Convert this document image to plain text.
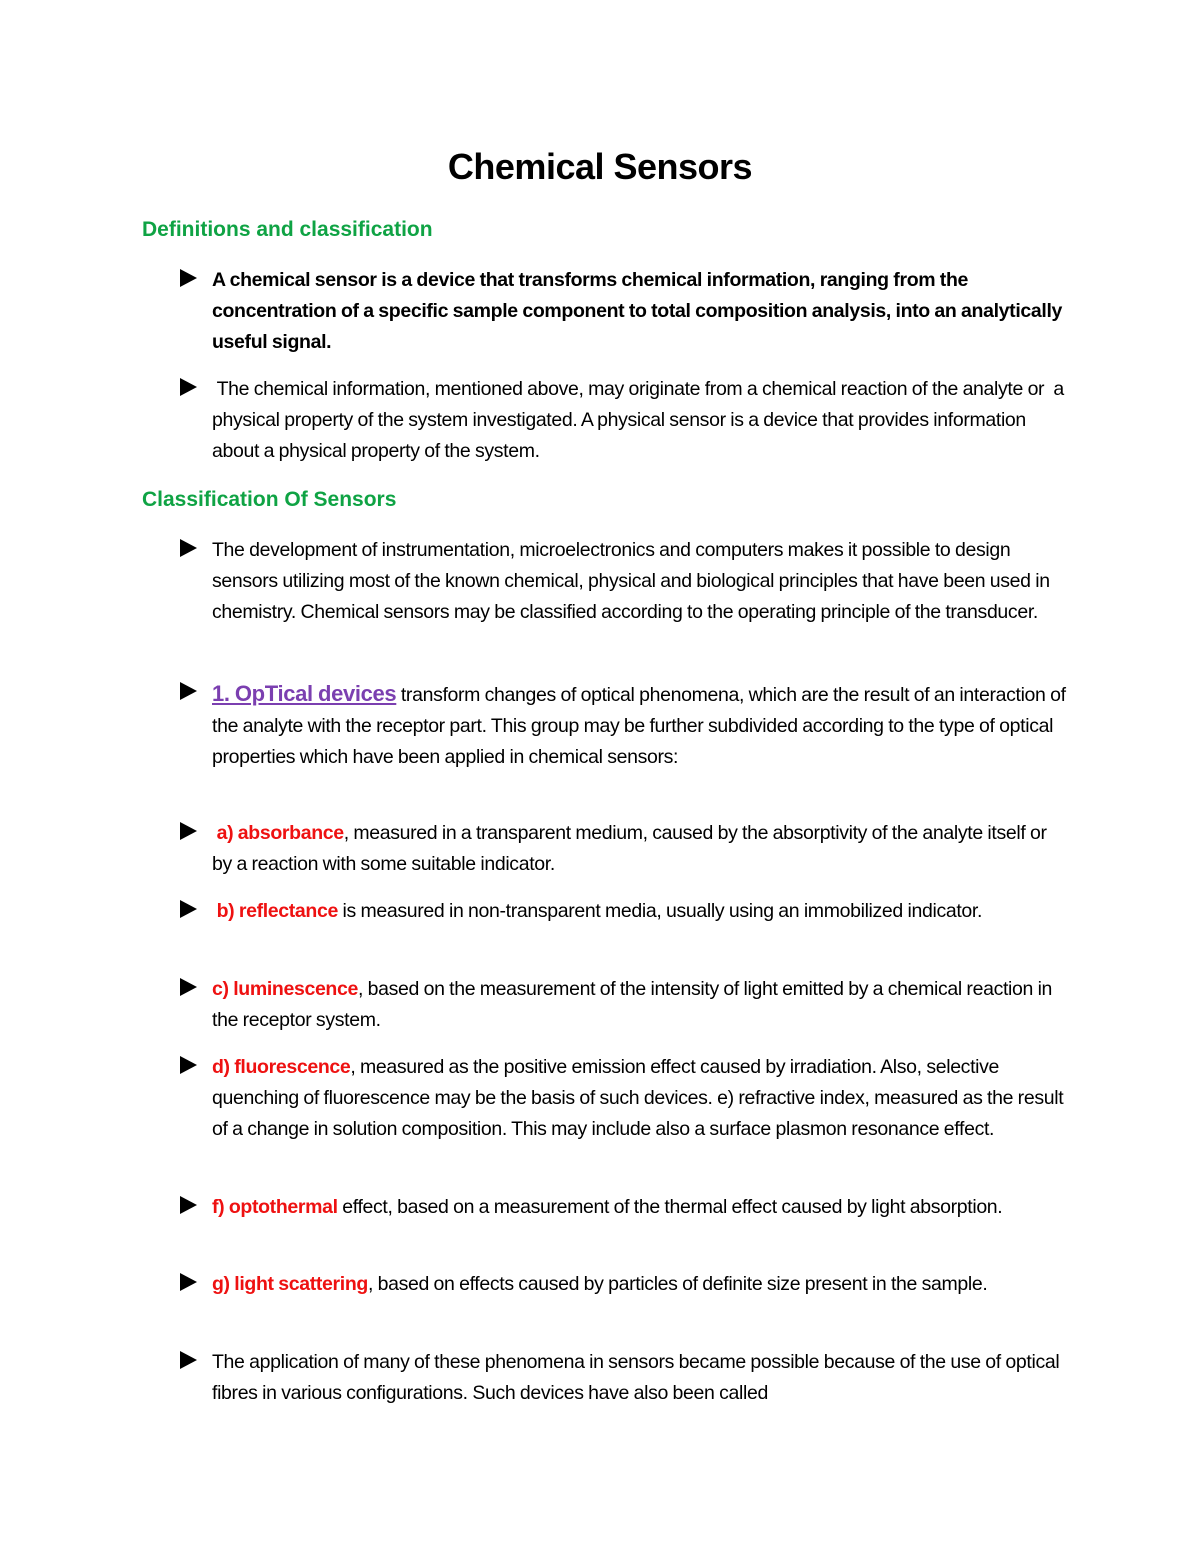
Chemical Sensors
Definitions and classification
A chemical sensor is a device that transforms chemical information, ranging from the concentration of a specific sample component to total composition analysis, into an analytically useful signal.
The chemical information, mentioned above, may originate from a chemical reaction of the analyte or  a physical property of the system investigated. A physical sensor is a device that provides information about a physical property of the system.
Classification Of Sensors
The development of instrumentation, microelectronics and computers makes it possible to design sensors utilizing most of the known chemical, physical and biological principles that have been used in chemistry. Chemical sensors may be classified according to the operating principle of the transducer.
1. OpTical devices transform changes of optical phenomena, which are the result of an interaction of the analyte with the receptor part. This group may be further subdivided according to the type of optical properties which have been applied in chemical sensors:
a) absorbance, measured in a transparent medium, caused by the absorptivity of the analyte itself or by a reaction with some suitable indicator.
b) reflectance is measured in non-transparent media, usually using an immobilized indicator.
c) luminescence, based on the measurement of the intensity of light emitted by a chemical reaction in the receptor system.
d) fluorescence, measured as the positive emission effect caused by irradiation. Also, selective quenching of fluorescence may be the basis of such devices. e) refractive index, measured as the result of a change in solution composition. This may include also a surface plasmon resonance effect.
f) optothermal effect, based on a measurement of the thermal effect caused by light absorption.
g) light scattering, based on effects caused by particles of definite size present in the sample.
The application of many of these phenomena in sensors became possible because of the use of optical fibres in various configurations. Such devices have also been called
